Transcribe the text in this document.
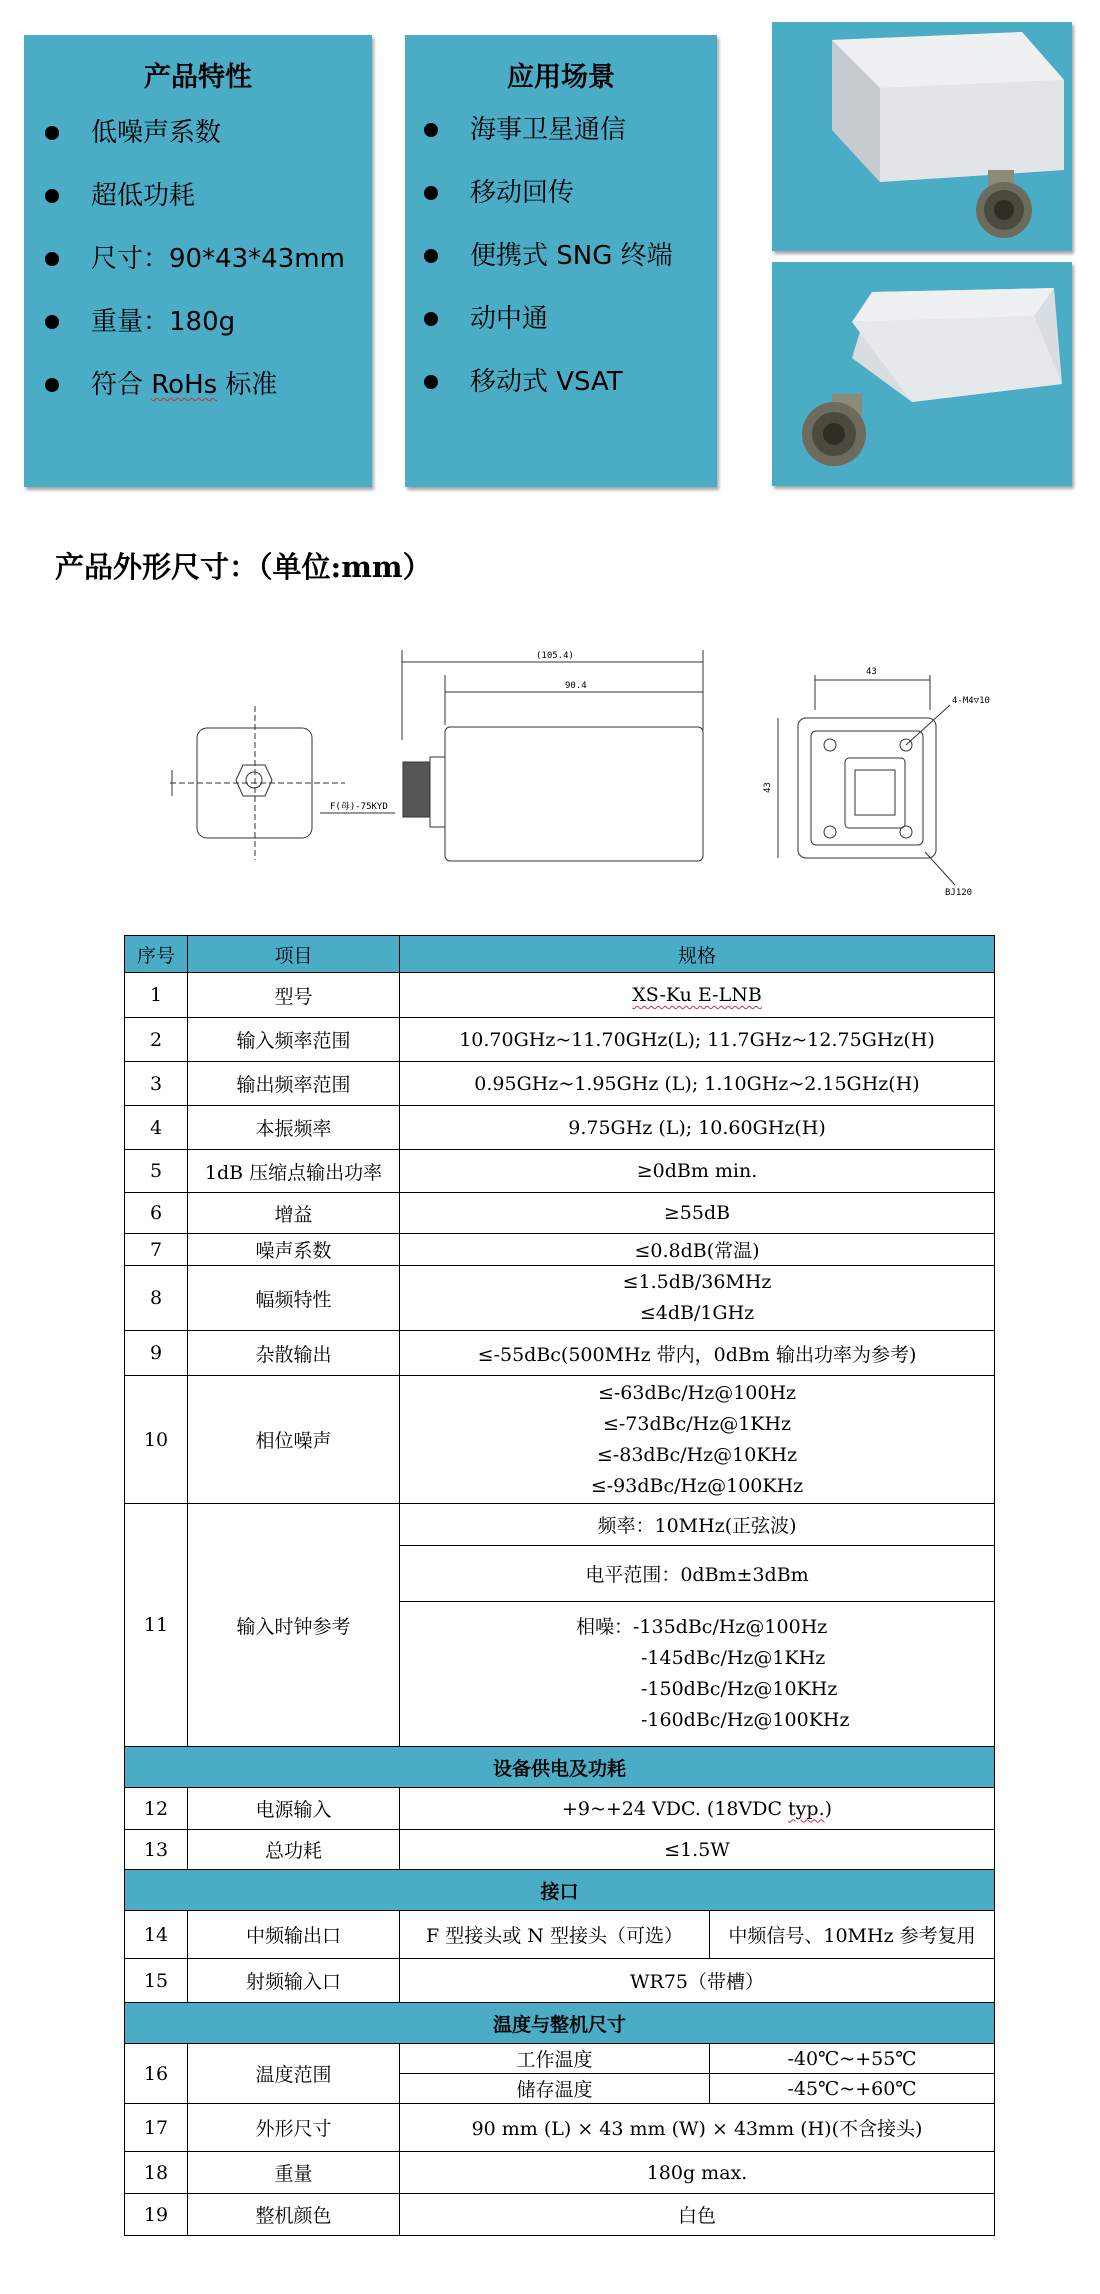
产品特性
低噪声系数
超低功耗
尺寸：90*43*43mm
重量：180g
符合 RoHs 标准
应用场景
海事卫星通信
移动回传
便携式 SNG 终端
动中通
移动式 VSAT
产品外形尺寸：（单位:mm）
(105.4)
90.4
F(母)-75KYD
43
43
4-M4▽10
BJ120
序号	项目	规格	
1	型号	XS-Ku E-LNB	
2	输入频率范围	10.70GHz~11.70GHz(L); 11.7GHz~12.75GHz(H)	
3	输出频率范围	0.95GHz~1.95GHz (L); 1.10GHz~2.15GHz(H)	
4	本振频率	9.75GHz (L); 10.60GHz(H)	
5	1dB 压缩点输出功率	≥0dBm min.	
6	增益	≥55dB	
7	噪声系数	≤0.8dB(常温)	
8	幅频特性	≤1.5dB/36MHz
≤4dB/1GHz	

9	杂散输出	≤-55dBc(500MHz 带内，0dBm 输出功率为参考)	
10	相位噪声	≤-63dBc/Hz@100Hz
≤-73dBc/Hz@1KHz
≤-83dBc/Hz@10KHz
≤-93dBc/Hz@100KHz	

11	输入时钟参考	频率：10MHz(正弦波)	
		电平范围：0dBm±3dBm	

		相噪：-135dBc/Hz@100Hz
-145dBc/Hz@1KHz
-150dBc/Hz@10KHz
-160dBc/Hz@100KHz	

设备供电及功耗			
12	电源输入	+9~+24 VDC. (18VDC typ.)	
13	总功耗	≤1.5W	
接口			
14	中频输出口	F 型接头或 N 型接头（可选）	中频信号、10MHz 参考复用
15	射频输入口	WR75（带槽）	
温度与整机尺寸			
16	温度范围	工作温度	-40℃~+55℃
		储存温度	-45℃~+60℃
17	外形尺寸	90 mm (L) × 43 mm (W) × 43mm (H)(不含接头)	
18	重量	180g max.	
19	整机颜色	白色	
